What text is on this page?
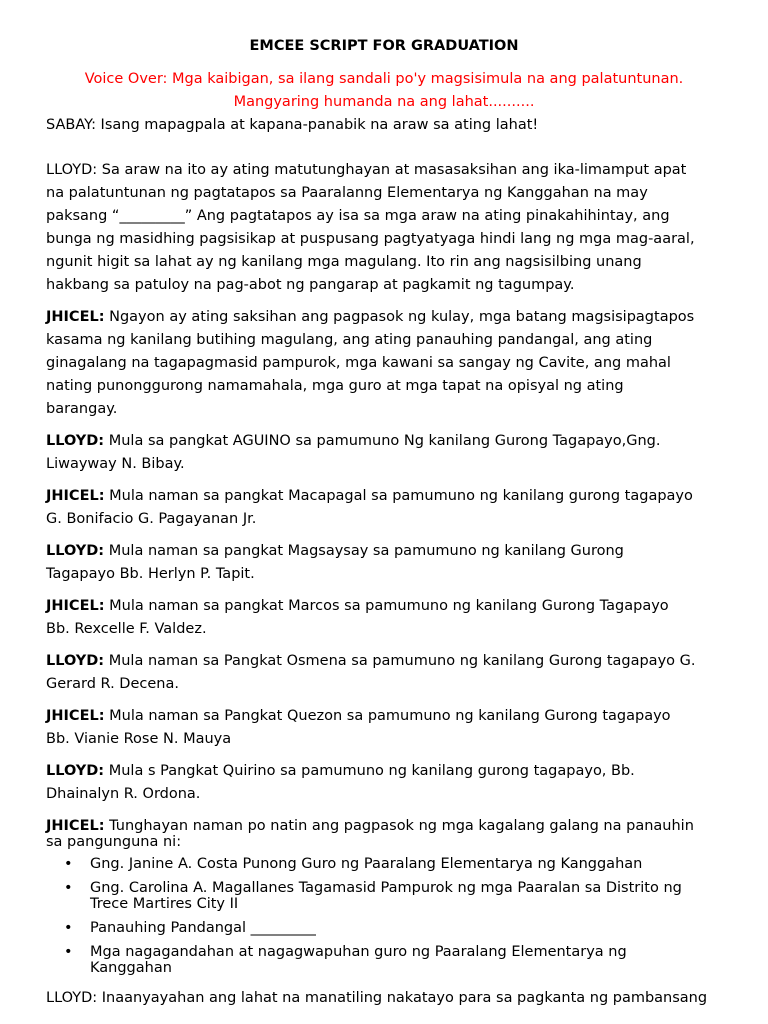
EMCEE SCRIPT FOR GRADUATION
Voice Over: Mga kaibigan, sa ilang sandali po'y magsisimula na ang palatuntunan.
Mangyaring humanda na ang lahat..........
SABAY: Isang mapagpala at kapana-panabik na araw sa ating lahat!
LLOYD: Sa araw na ito ay ating matutunghayan at masasaksihan ang ika-limamput apat
na palatuntunan ng pagtatapos sa Paaralanng Elementarya ng Kanggahan na may
paksang “_________” Ang pagtatapos ay isa sa mga araw na ating pinakahihintay, ang
bunga ng masidhing pagsisikap at puspusang pagtyatyaga hindi lang ng mga mag-aaral,
ngunit higit sa lahat ay ng kanilang mga magulang. Ito rin ang nagsisilbing unang
hakbang sa patuloy na pag-abot ng pangarap at pagkamit ng tagumpay.
JHICEL: Ngayon ay ating saksihan ang pagpasok ng kulay, mga batang magsisipagtapos
kasama ng kanilang butihing magulang, ang ating panauhing pandangal, ang ating
ginagalang na tagapagmasid pampurok, mga kawani sa sangay ng Cavite, ang mahal
nating punonggurong namamahala, mga guro at mga tapat na opisyal ng ating
barangay.
LLOYD: Mula sa pangkat AGUINO sa pamumuno Ng kanilang Gurong Tagapayo,Gng.
Liwayway N. Bibay.
JHICEL: Mula naman sa pangkat Macapagal sa pamumuno ng kanilang gurong tagapayo
G. Bonifacio G. Pagayanan Jr.
LLOYD: Mula naman sa pangkat Magsaysay sa pamumuno ng kanilang Gurong
Tagapayo Bb. Herlyn P. Tapit.
JHICEL: Mula naman sa pangkat Marcos sa pamumuno ng kanilang Gurong Tagapayo
Bb. Rexcelle F. Valdez.
LLOYD: Mula naman sa Pangkat Osmena sa pamumuno ng kanilang Gurong tagapayo G.
Gerard R. Decena.
JHICEL: Mula naman sa Pangkat Quezon sa pamumuno ng kanilang Gurong tagapayo
Bb. Vianie Rose N. Mauya
LLOYD: Mula s Pangkat Quirino sa pamumuno ng kanilang gurong tagapayo, Bb.
Dhainalyn R. Ordona.
JHICEL: Tunghayan naman po natin ang pagpasok ng mga kagalang galang na panauhin
sa pangunguna ni:
• Gng. Janine A. Costa Punong Guro ng Paaralang Elementarya ng Kanggahan
• Gng. Carolina A. Magallanes Tagamasid Pampurok ng mga Paaralan sa Distrito ng
Trece Martires City II
• Panauhing Pandangal _________
• Mga nagagandahan at nagagwapuhan guro ng Paaralang Elementarya ng
Kanggahan
LLOYD: Inaanyayahan ang lahat na manatiling nakatayo para sa pagkanta ng pambansang
